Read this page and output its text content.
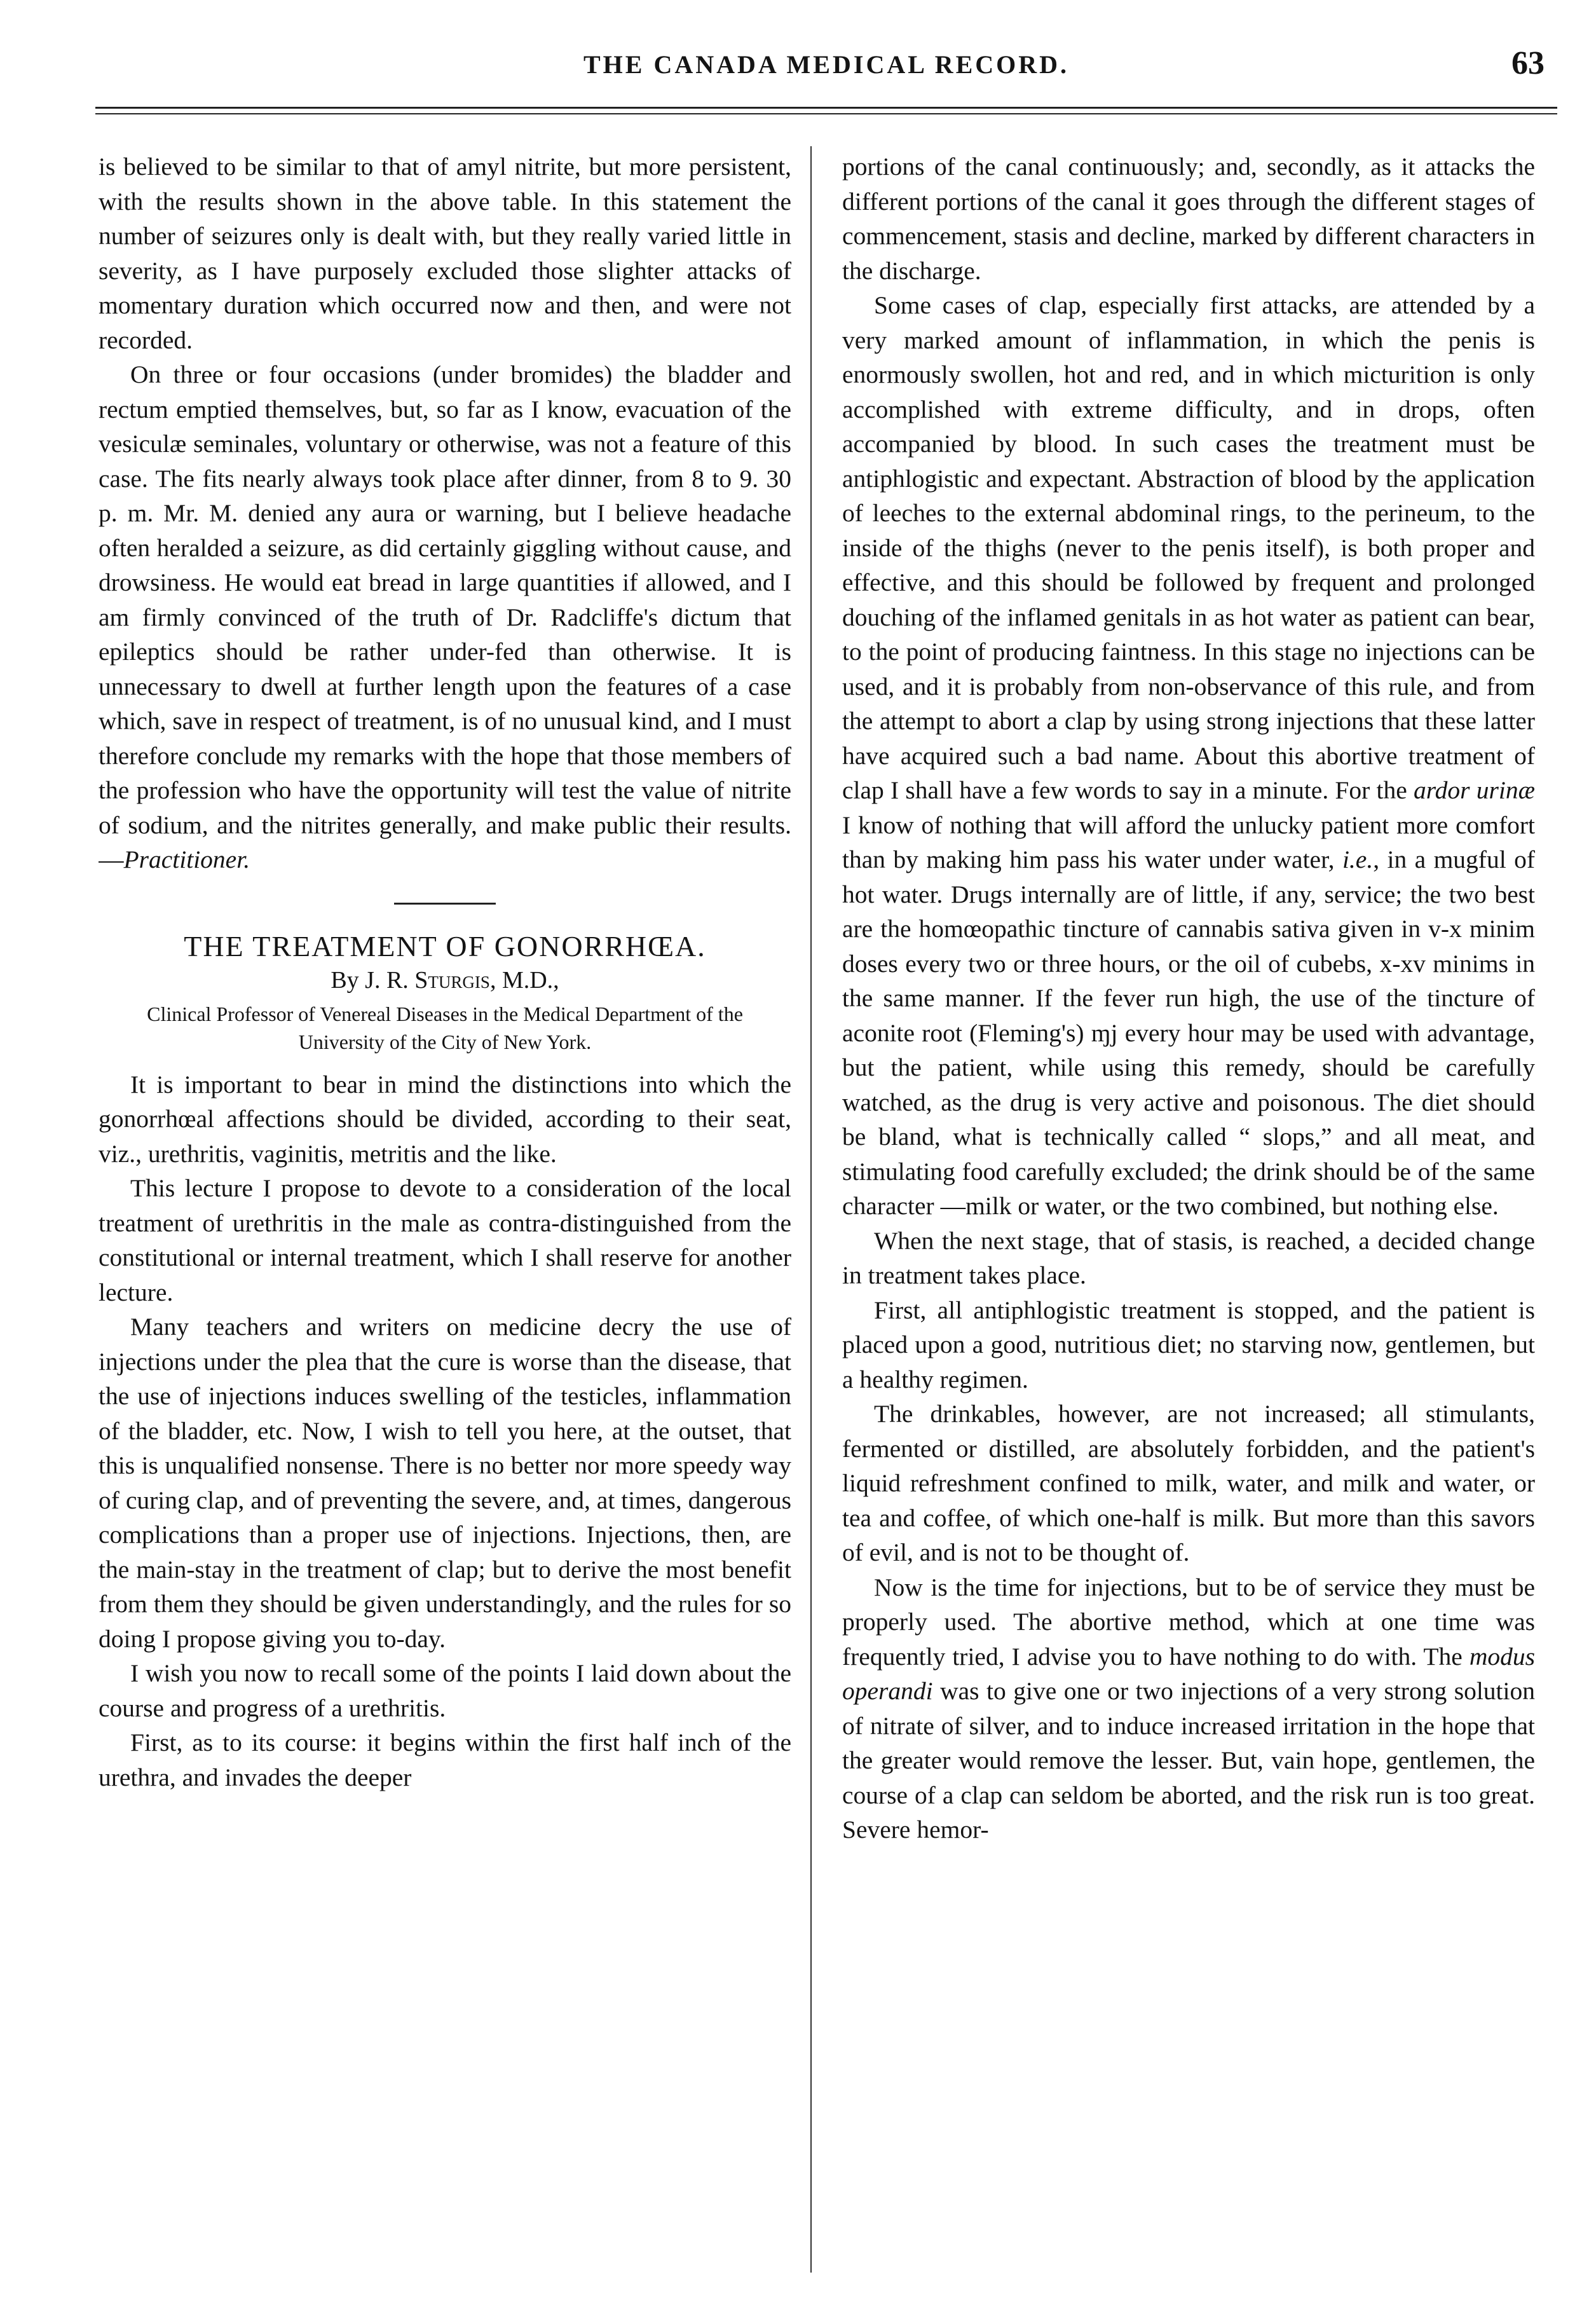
THE CANADA MEDICAL RECORD.	63

is believed to be similar to that of amyl nitrite, but more persistent, with the results shown in the above table. In this statement the number of seizures only is dealt with, but they really varied little in severity, as I have purposely excluded those slighter attacks of momentary duration which occurred now and then, and were not recorded.

On three or four occasions (under bromides) the bladder and rectum emptied themselves, but, so far as I know, evacuation of the vesiculæ seminales, voluntary or otherwise, was not a feature of this case. The fits nearly always took place after dinner, from 8 to 9. 30 p. m. Mr. M. denied any aura or warning, but I believe headache often heralded a seizure, as did certainly giggling without cause, and drowsiness. He would eat bread in large quantities if allowed, and I am firmly convinced of the truth of Dr. Radcliffe's dictum that epileptics should be rather under-fed than otherwise. It is unnecessary to dwell at further length upon the features of a case which, save in respect of treatment, is of no unusual kind, and I must therefore conclude my remarks with the hope that those members of the profession who have the opportunity will test the value of nitrite of sodium, and the nitrites generally, and make public their results.—Practitioner.

THE TREATMENT OF GONORRHŒA.
By J. R. Sturgis, M.D.,
Clinical Professor of Venereal Diseases in the Medical Department of the University of the City of New York.

It is important to bear in mind the distinctions into which the gonorrhœal affections should be divided, according to their seat, viz., urethritis, vaginitis, metritis and the like.

This lecture I propose to devote to a consideration of the local treatment of urethritis in the male as contra-distinguished from the constitutional or internal treatment, which I shall reserve for another lecture.

Many teachers and writers on medicine decry the use of injections under the plea that the cure is worse than the disease, that the use of injections induces swelling of the testicles, inflammation of the bladder, etc. Now, I wish to tell you here, at the outset, that this is unqualified nonsense. There is no better nor more speedy way of curing clap, and of preventing the severe, and, at times, dangerous complications than a proper use of injections. Injections, then, are the main-stay in the treatment of clap; but to derive the most benefit from them they should be given understandingly, and the rules for so doing I propose giving you to-day.

I wish you now to recall some of the points I laid down about the course and progress of a urethritis.

First, as to its course: it begins within the first half inch of the urethra, and invades the deeper

portions of the canal continuously; and, secondly, as it attacks the different portions of the canal it goes through the different stages of commencement, stasis and decline, marked by different characters in the discharge.

Some cases of clap, especially first attacks, are attended by a very marked amount of inflammation, in which the penis is enormously swollen, hot and red, and in which micturition is only accomplished with extreme difficulty, and in drops, often accompanied by blood. In such cases the treatment must be antiphlogistic and expectant. Abstraction of blood by the application of leeches to the external abdominal rings, to the perineum, to the inside of the thighs (never to the penis itself), is both proper and effective, and this should be followed by frequent and prolonged douching of the inflamed genitals in as hot water as patient can bear, to the point of producing faintness. In this stage no injections can be used, and it is probably from non-observance of this rule, and from the attempt to abort a clap by using strong injections that these latter have acquired such a bad name. About this abortive treatment of clap I shall have a few words to say in a minute. For the ardor urinæ I know of nothing that will afford the unlucky patient more comfort than by making him pass his water under water, i.e., in a mugful of hot water. Drugs internally are of little, if any, service; the two best are the homœopathic tincture of cannabis sativa given in v-x minim doses every two or three hours, or the oil of cubebs, x-xv minims in the same manner. If the fever run high, the use of the tincture of aconite root (Fleming's) ɱj every hour may be used with advantage, but the patient, while using this remedy, should be carefully watched, as the drug is very active and poisonous. The diet should be bland, what is technically called “ slops,” and all meat, and stimulating food carefully excluded; the drink should be of the same character —milk or water, or the two combined, but nothing else.

When the next stage, that of stasis, is reached, a decided change in treatment takes place.

First, all antiphlogistic treatment is stopped, and the patient is placed upon a good, nutritious diet; no starving now, gentlemen, but a healthy regimen.

The drinkables, however, are not increased; all stimulants, fermented or distilled, are absolutely forbidden, and the patient's liquid refreshment confined to milk, water, and milk and water, or tea and coffee, of which one-half is milk. But more than this savors of evil, and is not to be thought of.

Now is the time for injections, but to be of service they must be properly used. The abortive method, which at one time was frequently tried, I advise you to have nothing to do with. The modus operandi was to give one or two injections of a very strong solution of nitrate of silver, and to induce increased irritation in the hope that the greater would remove the lesser. But, vain hope, gentlemen, the course of a clap can seldom be aborted, and the risk run is too great. Severe hemor-
